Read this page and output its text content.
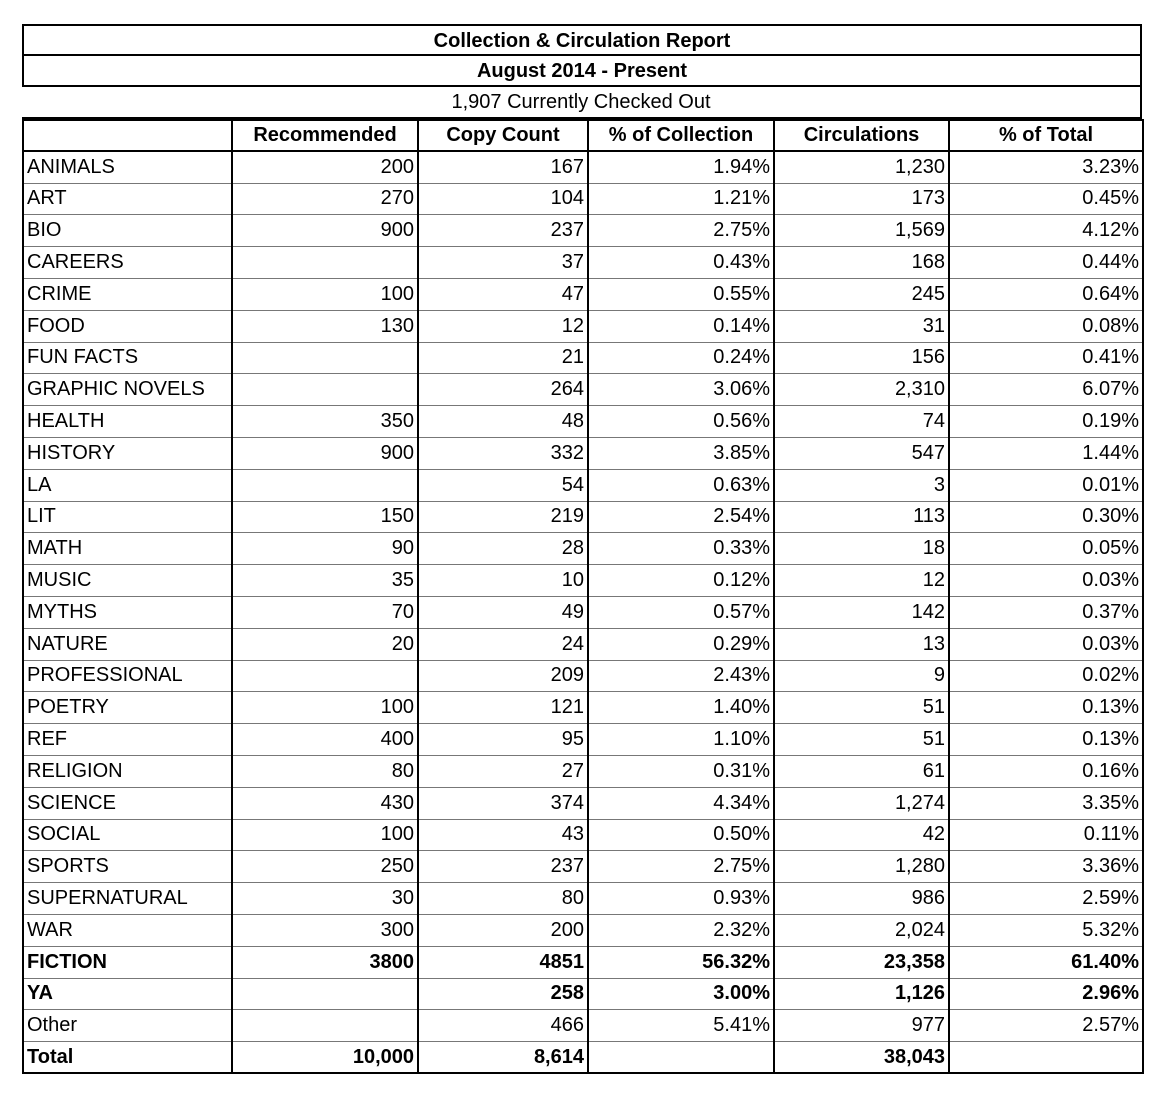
Collection & Circulation Report
August 2014 - Present
1,907 Currently Checked Out
	Recommended	Copy Count	% of Collection	Circulations	% of Total
ANIMALS	200	167	1.94%	1,230	3.23%
ART	270	104	1.21%	173	0.45%
BIO	900	237	2.75%	1,569	4.12%
CAREERS		37	0.43%	168	0.44%
CRIME	100	47	0.55%	245	0.64%
FOOD	130	12	0.14%	31	0.08%
FUN FACTS		21	0.24%	156	0.41%
GRAPHIC NOVELS		264	3.06%	2,310	6.07%
HEALTH	350	48	0.56%	74	0.19%
HISTORY	900	332	3.85%	547	1.44%
LA		54	0.63%	3	0.01%
LIT	150	219	2.54%	113	0.30%
MATH	90	28	0.33%	18	0.05%
MUSIC	35	10	0.12%	12	0.03%
MYTHS	70	49	0.57%	142	0.37%
NATURE	20	24	0.29%	13	0.03%
PROFESSIONAL		209	2.43%	9	0.02%
POETRY	100	121	1.40%	51	0.13%
REF	400	95	1.10%	51	0.13%
RELIGION	80	27	0.31%	61	0.16%
SCIENCE	430	374	4.34%	1,274	3.35%
SOCIAL	100	43	0.50%	42	0.11%
SPORTS	250	237	2.75%	1,280	3.36%
SUPERNATURAL	30	80	0.93%	986	2.59%
WAR	300	200	2.32%	2,024	5.32%
FICTION	3800	4851	56.32%	23,358	61.40%
YA		258	3.00%	1,126	2.96%
Other		466	5.41%	977	2.57%
Total	10,000	8,614		38,043	
